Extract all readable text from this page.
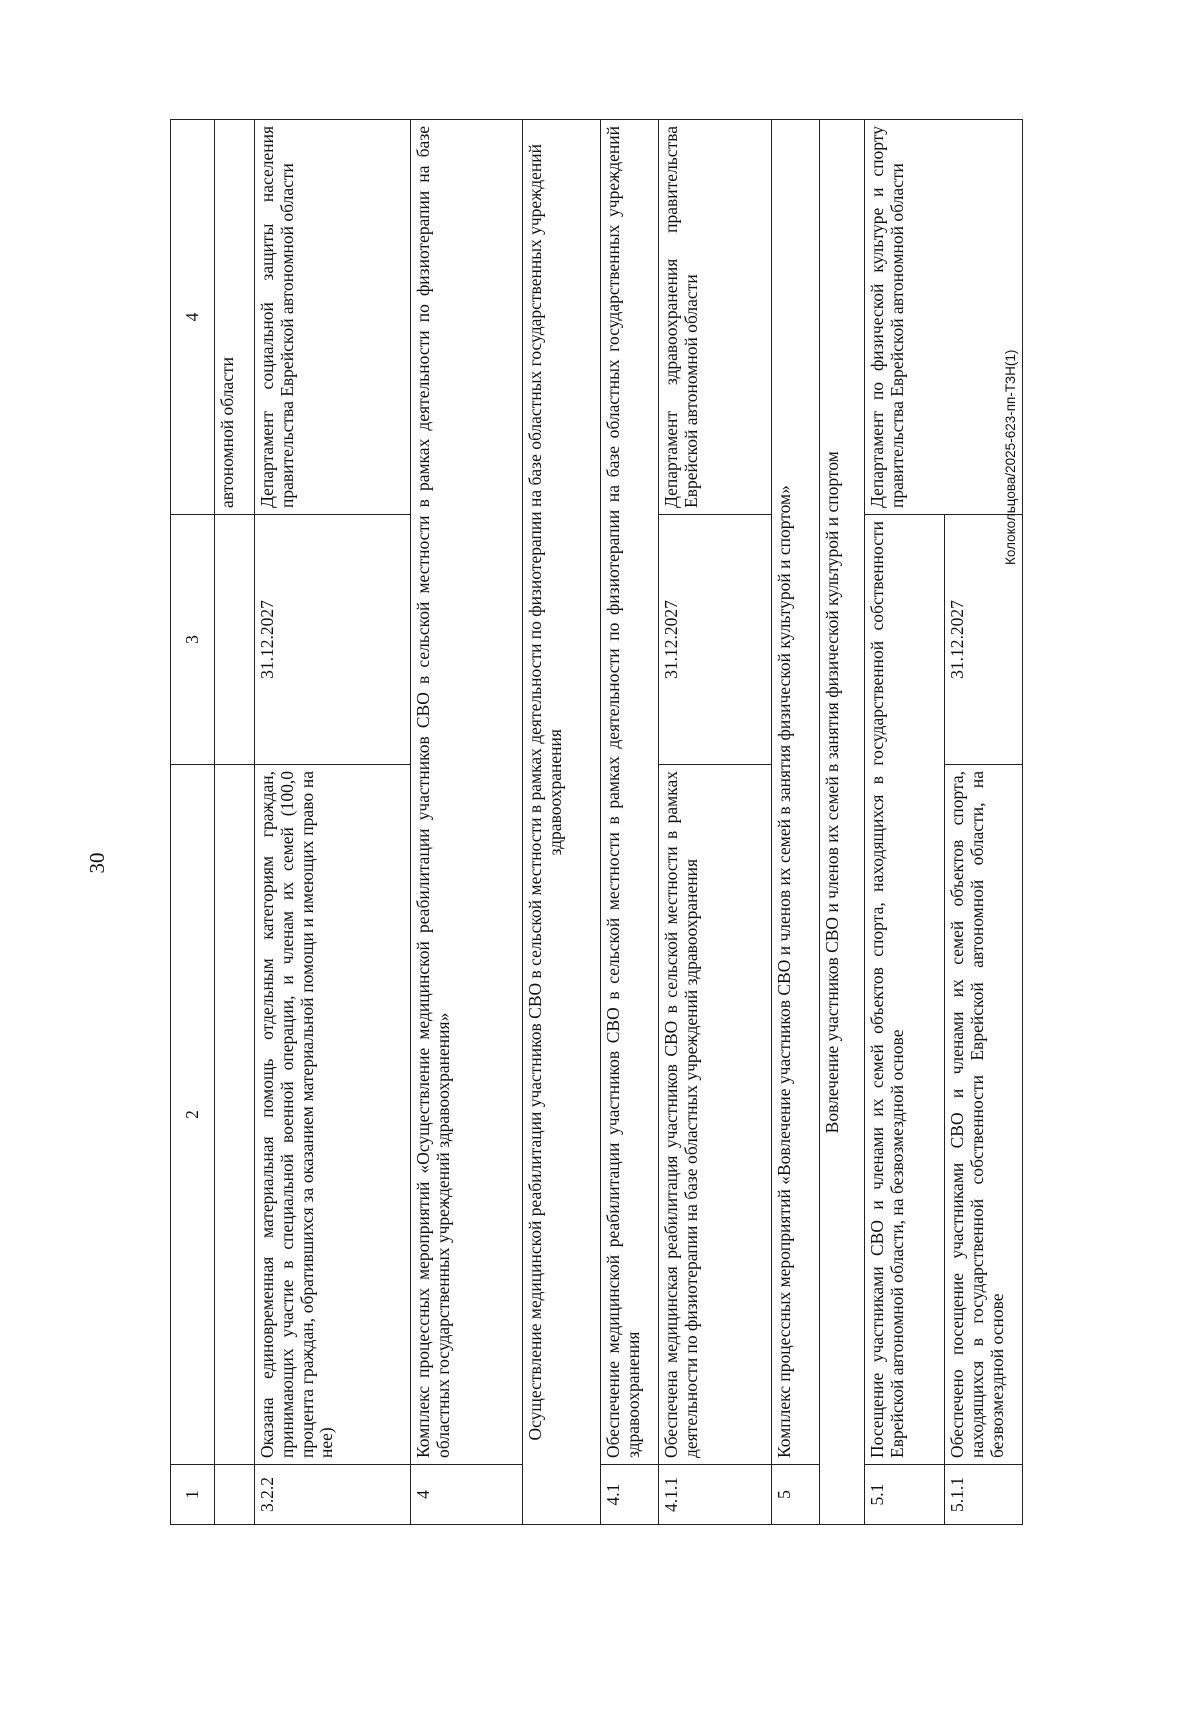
30
1	2	3	4
			автономной области
3.2.2	Оказана единовременная материальная помощь отдельным категориям граждан, принимающих участие в специальной военной операции, и членам их семей (100,0 процента граждан, обратившихся за оказанием материальной помощи и имеющих право на нее)	31.12.2027	Департамент социальной защиты населения правительства Еврейской автономной области
4	Комплекс процессных мероприятий «Осуществление медицинской реабилитации участников СВО в сельской местности в рамках деятельности по физиотерапии на базе областных государственных учреждений здравоохранения»		
	Осуществление медицинской реабилитации участников СВО в сельской местности в рамках деятельности по физиотерапии на базе областных государственных учреждений здравоохранения		
4.1	Обеспечение медицинской реабилитации участников СВО в сельской местности в рамках деятельности по физиотерапии на базе областных государственных учреждений здравоохранения		
4.1.1	Обеспечена медицинская реабилитация участников СВО в сельской местности в рамках деятельности по физиотерапии на базе областных учреждений здравоохранения	31.12.2027	Департамент здравоохранения правительства Еврейской автономной области
5	Комплекс процессных мероприятий «Вовлечение участников СВО и членов их семей в занятия физической культурой и спортом»		
	Вовлечение участников СВО и членов их семей в занятия физической культурой и спортом		
5.1	Посещение участниками СВО и членами их семей объектов спорта, находящихся в государственной собственности Еврейской автономной области, на безвозмездной основе		Департамент по физической культуре и спорту правительства Еврейской автономной области
5.1.1	Обеспечено посещение участниками СВО и членами их семей объектов спорта, находящихся в государственной собственности Еврейской автономной области, на безвозмездной основе	31.12.2027	
Колокольцова/2025-623-пп-ТЗН(1)
